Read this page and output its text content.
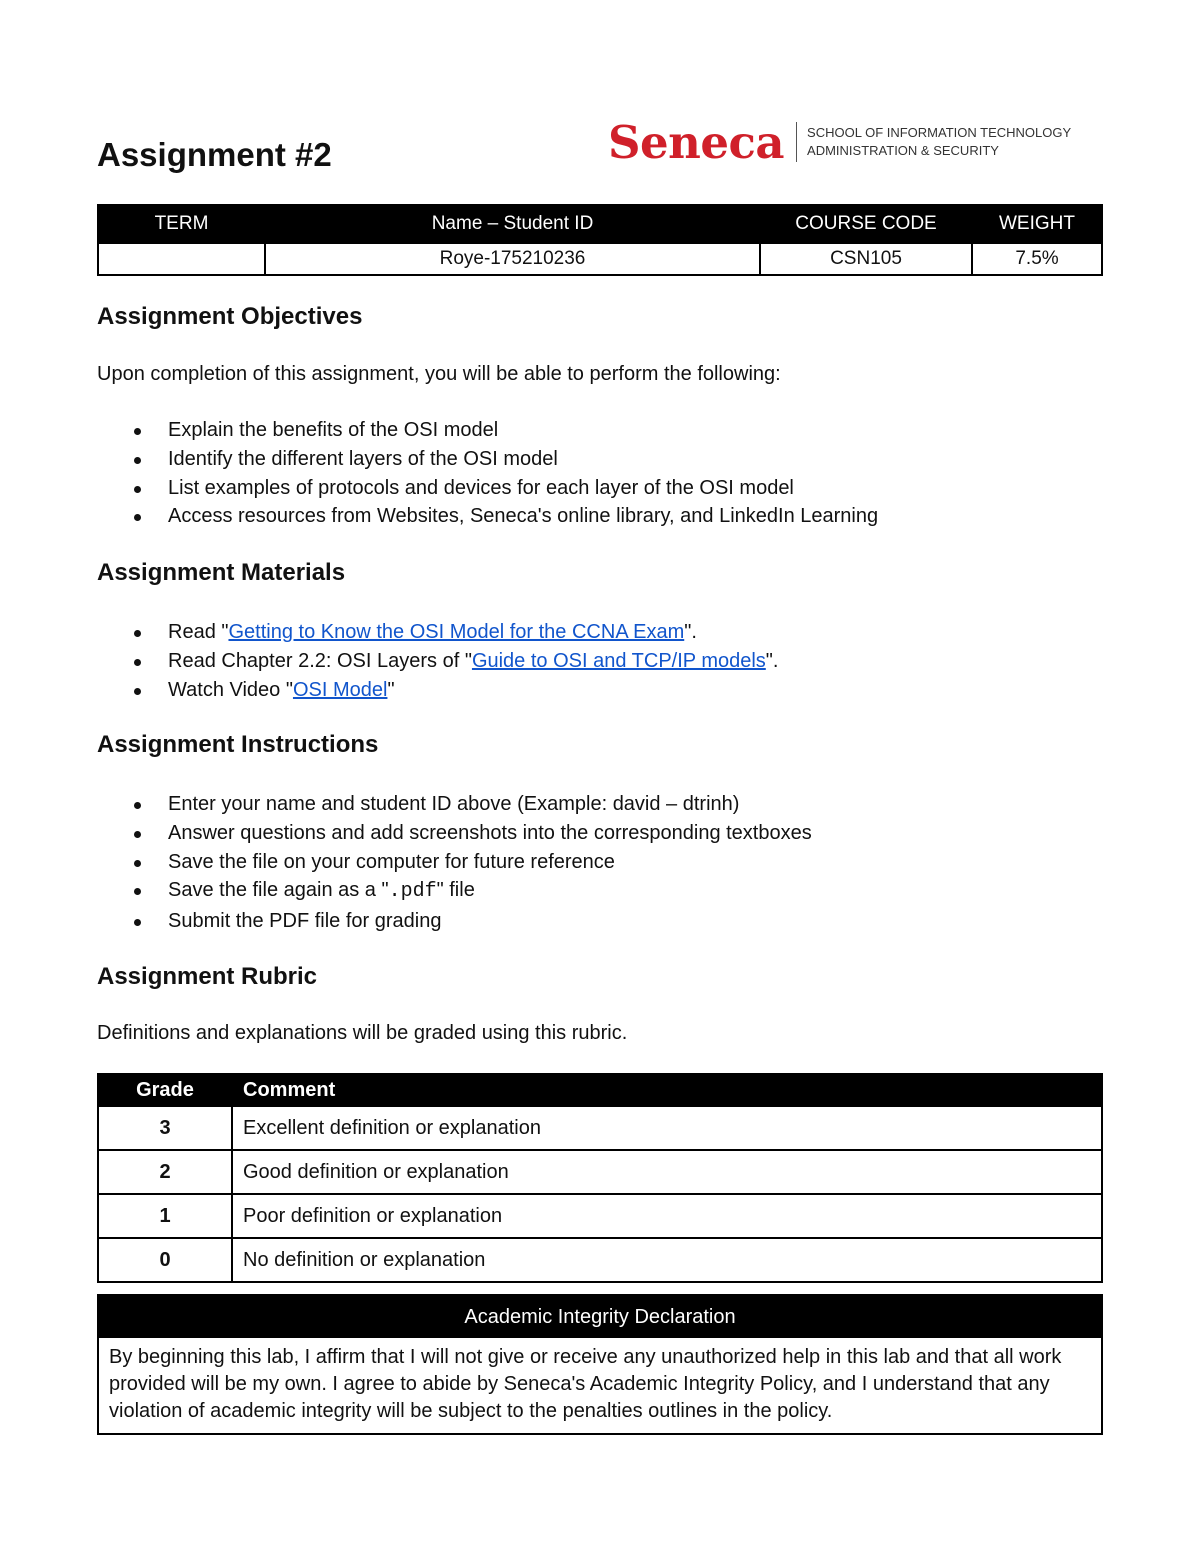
Assignment #2	Seneca SCHOOL OF INFORMATION TECHNOLOGY
ADMINISTRATION & SECURITY
TERM	Name – Student ID	COURSE CODE	WEIGHT
	Roye-175210236	CSN105	7.5%
Assignment Objectives

Upon completion of this assignment, you will be able to perform the following:

Explain the benefits of the OSI model
Identify the different layers of the OSI model
List examples of protocols and devices for each layer of the OSI model
Access resources from Websites, Seneca's online library, and LinkedIn Learning
Assignment Materials
Read "Getting to Know the OSI Model for the CCNA Exam".
Read Chapter 2.2: OSI Layers of "Guide to OSI and TCP/IP models".
Watch Video "OSI Model"
Assignment Instructions
Enter your name and student ID above (Example: david – dtrinh)
Answer questions and add screenshots into the corresponding textboxes
Save the file on your computer for future reference
Save the file again as a ".pdf" file
Submit the PDF file for grading
Assignment Rubric

Definitions and explanations will be graded using this rubric.

Grade	Comment
3	Excellent definition or explanation
2	Good definition or explanation
1	Poor definition or explanation
0	No definition or explanation
Academic Integrity Declaration
By beginning this lab, I affirm that I will not give or receive any unauthorized help in this lab and that all work provided will be my own. I agree to abide by Seneca's Academic Integrity Policy, and I understand that any violation of academic integrity will be subject to the penalties outlines in the policy.
